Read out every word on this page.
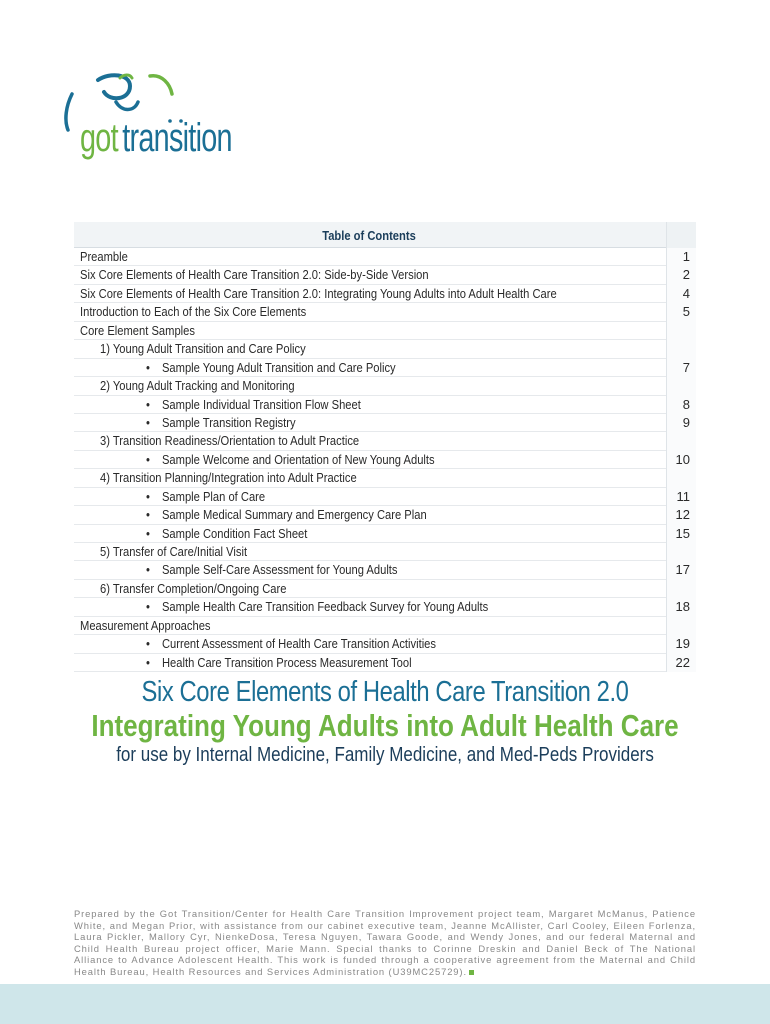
got transition
Table of Contents
Preamble	1
Six Core Elements of Health Care Transition 2.0: Side-by-Side Version	2
Six Core Elements of Health Care Transition 2.0: Integrating Young Adults into Adult Health Care	4
Introduction to Each of the Six Core Elements	5
Core Element Samples
1) Young Adult Transition and Care Policy
• Sample Young Adult Transition and Care Policy	7
2) Young Adult Tracking and Monitoring
• Sample Individual Transition Flow Sheet	8
• Sample Transition Registry	9
3) Transition Readiness/Orientation to Adult Practice
• Sample Welcome and Orientation of New Young Adults	10
4) Transition Planning/Integration into Adult Practice
• Sample Plan of Care	11
• Sample Medical Summary and Emergency Care Plan	12
• Sample Condition Fact Sheet	15
5) Transfer of Care/Initial Visit
• Sample Self-Care Assessment for Young Adults	17
6) Transfer Completion/Ongoing Care
• Sample Health Care Transition Feedback Survey for Young Adults	18
Measurement Approaches
• Current Assessment of Health Care Transition Activities	19
• Health Care Transition Process Measurement Tool	22
Six Core Elements of Health Care Transition 2.0
Integrating Young Adults into Adult Health Care
for use by Internal Medicine, Family Medicine, and Med-Peds Providers
Prepared by the Got Transition/Center for Health Care Transition Improvement project team, Margaret McManus, Patience White, and Megan Prior, with assistance from our cabinet executive team, Jeanne McAllister, Carl Cooley, Eileen Forlenza, Laura Pickler, Mallory Cyr, NienkeDosa, Teresa Nguyen, Tawara Goode, and Wendy Jones, and our federal Maternal and Child Health Bureau project officer, Marie Mann. Special thanks to Corinne Dreskin and Daniel Beck of The National Alliance to Advance Adolescent Health. This work is funded through a cooperative agreement from the Maternal and Child Health Bureau, Health Resources and Services Administration (U39MC25729).
